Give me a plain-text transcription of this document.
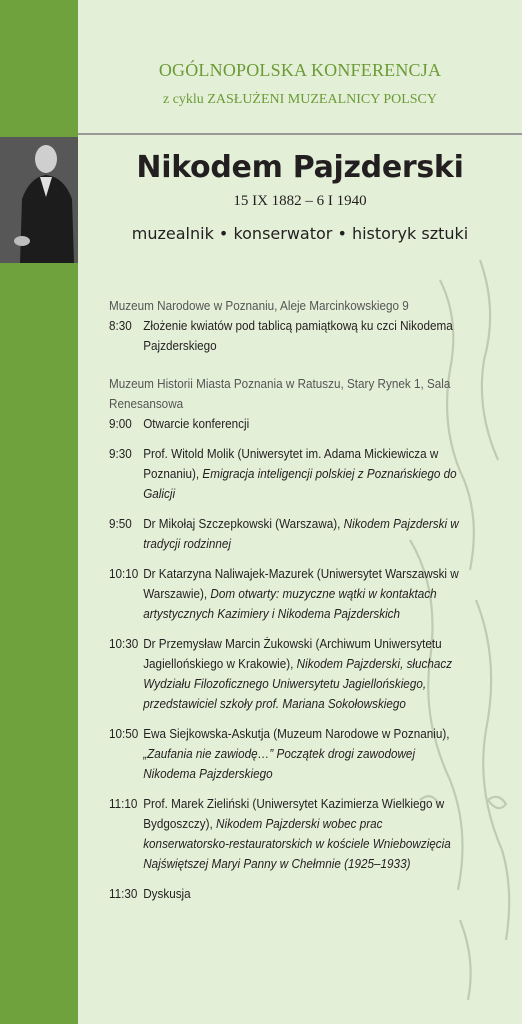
OGÓLNOPOLSKA KONFERENCJA
z cyklu ZASŁUŻENI MUZEALNICY POLSCY
Nikodem Pajzderski
15 IX 1882 – 6 I 1940
muzealnik • konserwator • historyk sztuki
Muzeum Narodowe w Poznaniu, Aleje Marcinkowskiego 9
8:30 Złożenie kwiatów pod tablicą pamiątkową ku czci Nikodema Pajzderskiego
Muzeum Historii Miasta Poznania w Ratuszu, Stary Rynek 1, Sala Renesansowa
9:00 Otwarcie konferencji
9:30 Prof. Witold Molik (Uniwersytet im. Adama Mickiewicza w Poznaniu), Emigracja inteligencji polskiej z Poznańskiego do Galicji
9:50 Dr Mikołaj Szczepkowski (Warszawa), Nikodem Pajzderski w tradycji rodzinnej
10:10 Dr Katarzyna Naliwajek-Mazurek (Uniwersytet Warszawski w Warszawie), Dom otwarty: muzyczne wątki w kontaktach artystycznych Kazimiery i Nikodema Pajzderskich
10:30 Dr Przemysław Marcin Żukowski (Archiwum Uniwersytetu Jagiellońskiego w Krakowie), Nikodem Pajzderski, słuchacz Wydziału Filozoficznego Uniwersytetu Jagiellońskiego, przedstawiciel szkoły prof. Mariana Sokołowskiego
10:50 Ewa Siejkowska-Askutja (Muzeum Narodowe w Poznaniu), „Zaufania nie zawiodę…” Początek drogi zawodowej Nikodema Pajzderskiego
11:10 Prof. Marek Zieliński (Uniwersytet Kazimierza Wielkiego w Bydgoszczy), Nikodem Pajzderski wobec prac konserwatorsko-restauratorskich w kościele Wniebowzięcia Najświętszej Maryi Panny w Chełmnie (1925–1933)
11:30 Dyskusja
